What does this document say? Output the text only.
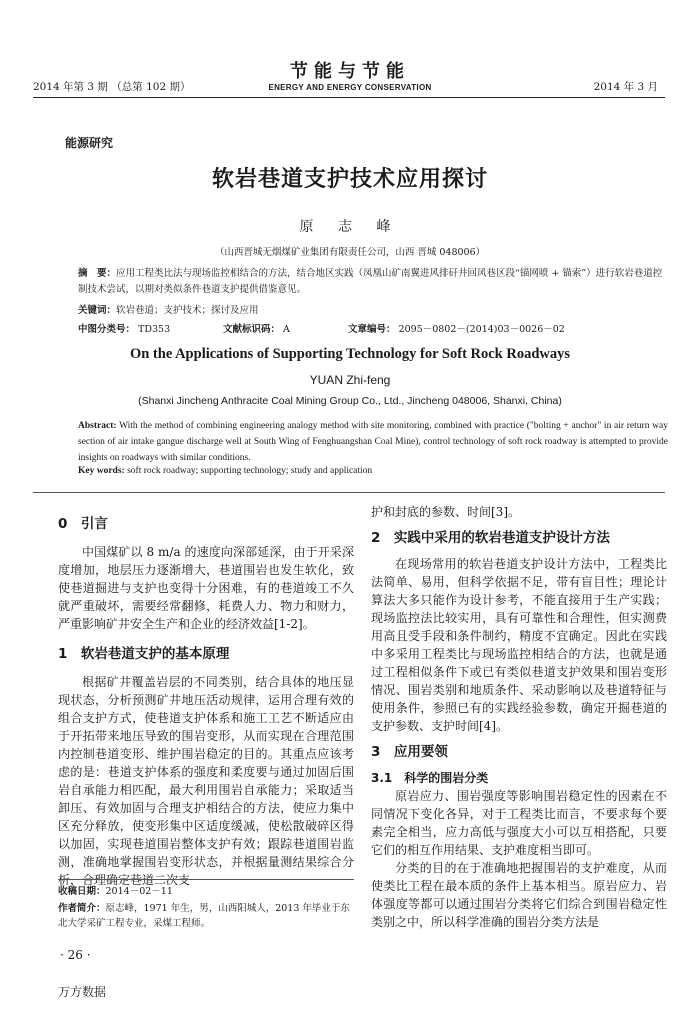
2014 年第 3 期 （总第 102 期）
节能与节能
ENERGY AND ENERGY CONSERVATION	2014 年 3 月
能源研究
软岩巷道支护技术应用探讨
原 志 峰
（山西晋城无烟煤矿业集团有限责任公司，山西 晋城 048006）
摘　要：应用工程类比法与现场监控相结合的方法，结合地区实践（凤凰山矿南翼进风排矸井回风巷区段“锚网喷 + 锚索”）进行软岩巷道控制技术尝试，以期对类似条件巷道支护提供借鉴意见。
关键词：软岩巷道；支护技术；探讨及应用
中图分类号： TD353	文献标识码： A	文章编号： 2095－0802－(2014)03－0026－02
On the Applications of Supporting Technology for Soft Rock Roadways
YUAN Zhi-feng
(Shanxi Jincheng Anthracite Coal Mining Group Co., Ltd., Jincheng 048006, Shanxi, China)
Abstract: With the method of combining engineering analogy method with site monitoring, combined with practice ("bolting + anchor" in air return way section of air intake gangue discharge well at South Wing of Fenghuangshan Coal Mine), control technology of soft rock roadway is attempted to provide insights on roadways with similar conditions.
Key words: soft rock roadway; supporting technology; study and application
0　引言

中国煤矿以 8 m/a 的速度向深部延深，由于开采深度增加，地层压力逐渐增大，巷道围岩也发生软化，致使巷道掘进与支护也变得十分困难，有的巷道竣工不久就严重破坏，需要经常翻修，耗费人力、物力和财力，严重影响矿井安全生产和企业的经济效益[1-2]。

1　软岩巷道支护的基本原理

根据矿井覆盖岩层的不同类别，结合具体的地压显现状态，分析预测矿井地压活动规律，运用合理有效的组合支护方式，使巷道支护体系和施工工艺不断适应由于开拓带来地压导致的围岩变形，从而实现在合理范围内控制巷道变形、维护围岩稳定的目的。其重点应该考虑的是：巷道支护体系的强度和柔度要与通过加固后围岩自承能力相匹配，最大利用围岩自承能力；采取适当卸压、有效加固与合理支护相结合的方法，使应力集中区充分释放，使变形集中区适度缓减，使松散破碎区得以加固，实现巷道围岩整体支护有效；跟踪巷道围岩监测，准确地掌握围岩变形状态，并根据量测结果综合分析，合理确定巷道二次支

收稿日期：2014－02－11
作者简介：原志峰，1971 年生，男，山西阳城人，2013 年毕业于东北大学采矿工程专业，采煤工程师。
· 26 ·
万方数据
护和封底的参数、时间[3]。
2　实践中采用的软岩巷道支护设计方法

在现场常用的软岩巷道支护设计方法中，工程类比法简单、易用，但科学依据不足，带有盲目性；理论计算法大多只能作为设计参考，不能直接用于生产实践；现场监控法比较实用，具有可靠性和合理性，但实测费用高且受手段和条件制约，精度不宜确定。因此在实践中多采用工程类比与现场监控相结合的方法，也就是通过工程相似条件下或已有类似巷道支护效果和围岩变形情况、围岩类别和地质条件、采动影响以及巷道特征与使用条件，参照已有的实践经验参数，确定开掘巷道的支护参数、支护时间[4]。

3　应用要领
3.1　科学的围岩分类

原岩应力、围岩强度等影响围岩稳定性的因素在不同情况下变化各异，对于工程类比而言，不要求每个要素完全相当，应力高低与强度大小可以互相搭配，只要它们的相互作用结果、支护难度相当即可。

分类的目的在于准确地把握围岩的支护难度，从而使类比工程在最本质的条件上基本相当。原岩应力、岩体强度等都可以通过围岩分类将它们综合到围岩稳定性类别之中，所以科学准确的围岩分类方法是
